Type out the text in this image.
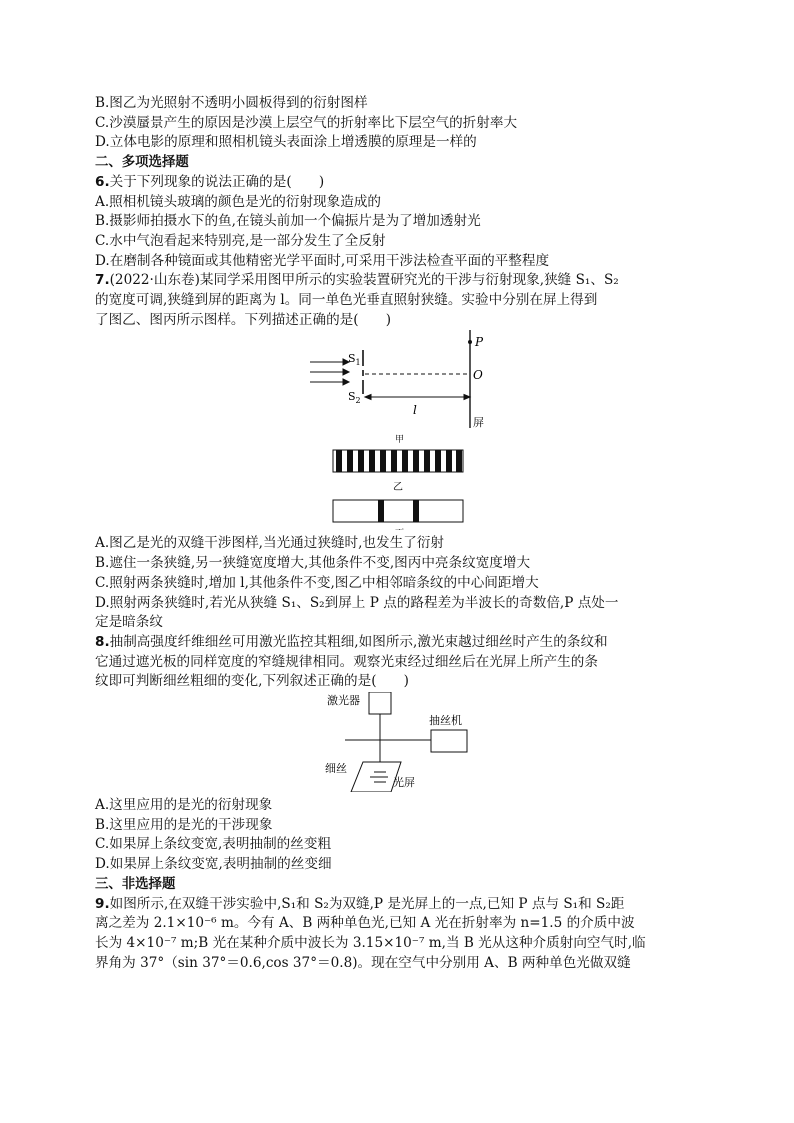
B.图乙为光照射不透明小圆板得到的衍射图样
C.沙漠蜃景产生的原因是沙漠上层空气的折射率比下层空气的折射率大
D.立体电影的原理和照相机镜头表面涂上增透膜的原理是一样的
二、多项选择题
6.关于下列现象的说法正确的是(　　)
A.照相机镜头玻璃的颜色是光的衍射现象造成的
B.摄影师拍摄水下的鱼,在镜头前加一个偏振片是为了增加透射光
C.水中气泡看起来特别亮,是一部分发生了全反射
D.在磨制各种镜面或其他精密光学平面时,可采用干涉法检查平面的平整程度
7.(2022·山东卷)某同学采用图甲所示的实验装置研究光的干涉与衍射现象,狭缝 S₁、S₂
的宽度可调,狭缝到屏的距离为 l。同一单色光垂直照射狭缝。实验中分别在屏上得到
了图乙、图丙所示图样。下列描述正确的是(　　)
$S_1$
$S_2$
P
O
屏
l
甲
乙
A.图乙是光的双缝干涉图样,当光通过狭缝时,也发生了衍射
B.遮住一条狭缝,另一狭缝宽度增大,其他条件不变,图丙中亮条纹宽度增大
C.照射两条狭缝时,增加 l,其他条件不变,图乙中相邻暗条纹的中心间距增大
D.照射两条狭缝时,若光从狭缝 S₁、S₂到屏上 P 点的路程差为半波长的奇数倍,P 点处一
定是暗条纹
8.抽制高强度纤维细丝可用激光监控其粗细,如图所示,激光束越过细丝时产生的条纹和
它通过遮光板的同样宽度的窄缝规律相同。观察光束经过细丝后在光屏上所产生的条
纹即可判断细丝粗细的变化,下列叙述正确的是(　　)
激光器
抽丝机
细丝
光屏
A.这里应用的是光的衍射现象
B.这里应用的是光的干涉现象
C.如果屏上条纹变宽,表明抽制的丝变粗
D.如果屏上条纹变宽,表明抽制的丝变细
三、非选择题
9.如图所示,在双缝干涉实验中,S₁和 S₂为双缝,P 是光屏上的一点,已知 P 点与 S₁和 S₂距
离之差为 2.1×10⁻⁶ m。今有 A、B 两种单色光,已知 A 光在折射率为 n=1.5 的介质中波
长为 4×10⁻⁷ m;B 光在某种介质中波长为 3.15×10⁻⁷ m,当 B 光从这种介质射向空气时,临
界角为 37°（sin 37°＝0.6,cos 37°＝0.8)。现在空气中分别用 A、B 两种单色光做双缝
